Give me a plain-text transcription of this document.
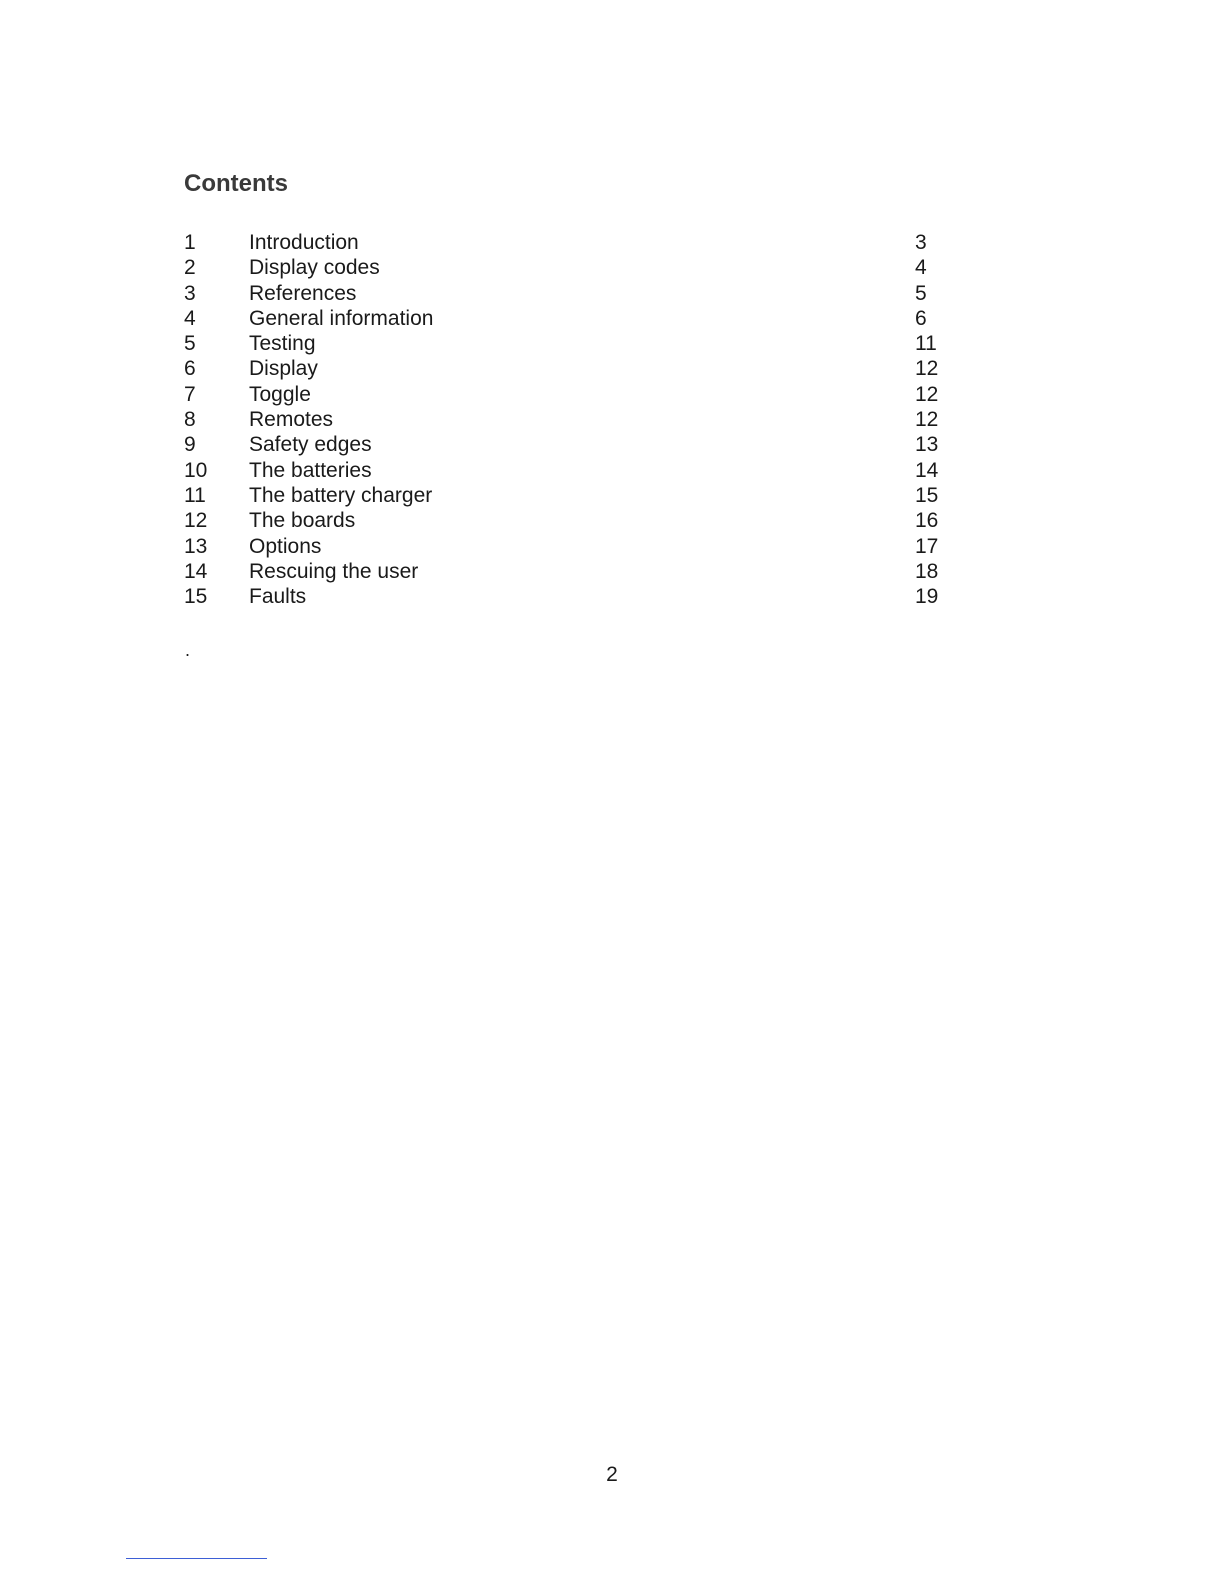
Contents
1	Introduction	3
2	Display codes	4
3	References	5
4	General information	6
5	Testing	11
6	Display	12
7	Toggle	12
8	Remotes	12
9	Safety edges	13
10 The batteries	14
11 The battery charger	15
12 The boards	16
13 Options	17
14 Rescuing the user	18
15 Faults	19
.
2
